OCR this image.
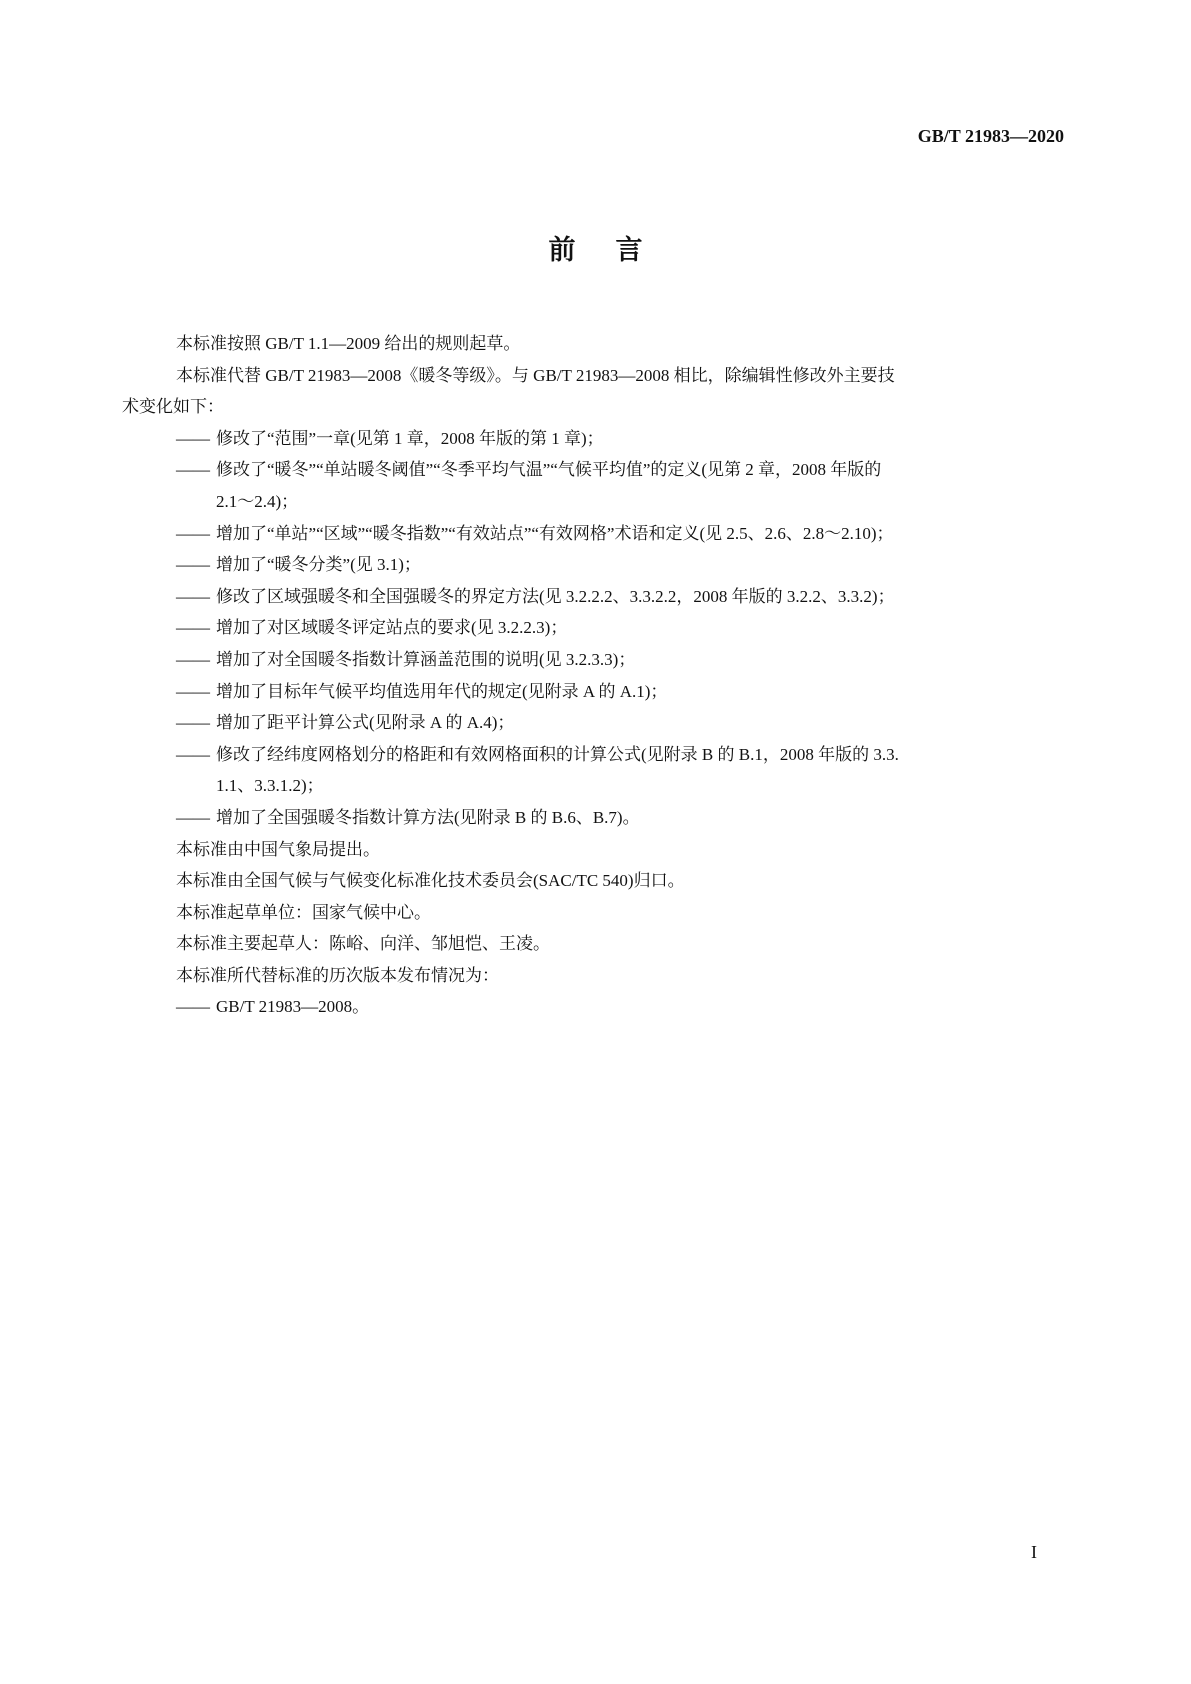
GB/T 21983—2020
前言
本标准按照 GB/T 1.1—2009 给出的规则起草。
本标准代替 GB/T 21983—2008《暖冬等级》。与 GB/T 21983—2008 相比，除编辑性修改外主要技
术变化如下：
—— 修改了“范围”一章(见第 1 章，2008 年版的第 1 章)；
—— 修改了“暖冬”“单站暖冬阈值”“冬季平均气温”“气候平均值”的定义(见第 2 章，2008 年版的
2.1～2.4)；
—— 增加了“单站”“区域”“暖冬指数”“有效站点”“有效网格”术语和定义(见 2.5、2.6、2.8～2.10)；
—— 增加了“暖冬分类”(见 3.1)；
—— 修改了区域强暖冬和全国强暖冬的界定方法(见 3.2.2.2、3.3.2.2，2008 年版的 3.2.2、3.3.2)；
—— 增加了对区域暖冬评定站点的要求(见 3.2.2.3)；
—— 增加了对全国暖冬指数计算涵盖范围的说明(见 3.2.3.3)；
—— 增加了目标年气候平均值选用年代的规定(见附录 A 的 A.1)；
—— 增加了距平计算公式(见附录 A 的 A.4)；
—— 修改了经纬度网格划分的格距和有效网格面积的计算公式(见附录 B 的 B.1，2008 年版的 3.3.
1.1、3.3.1.2)；
—— 增加了全国强暖冬指数计算方法(见附录 B 的 B.6、B.7)。
本标准由中国气象局提出。
本标准由全国气候与气候变化标准化技术委员会(SAC/TC 540)归口。
本标准起草单位：国家气候中心。
本标准主要起草人：陈峪、向洋、邹旭恺、王凌。
本标准所代替标准的历次版本发布情况为：
—— GB/T 21983—2008。
I
